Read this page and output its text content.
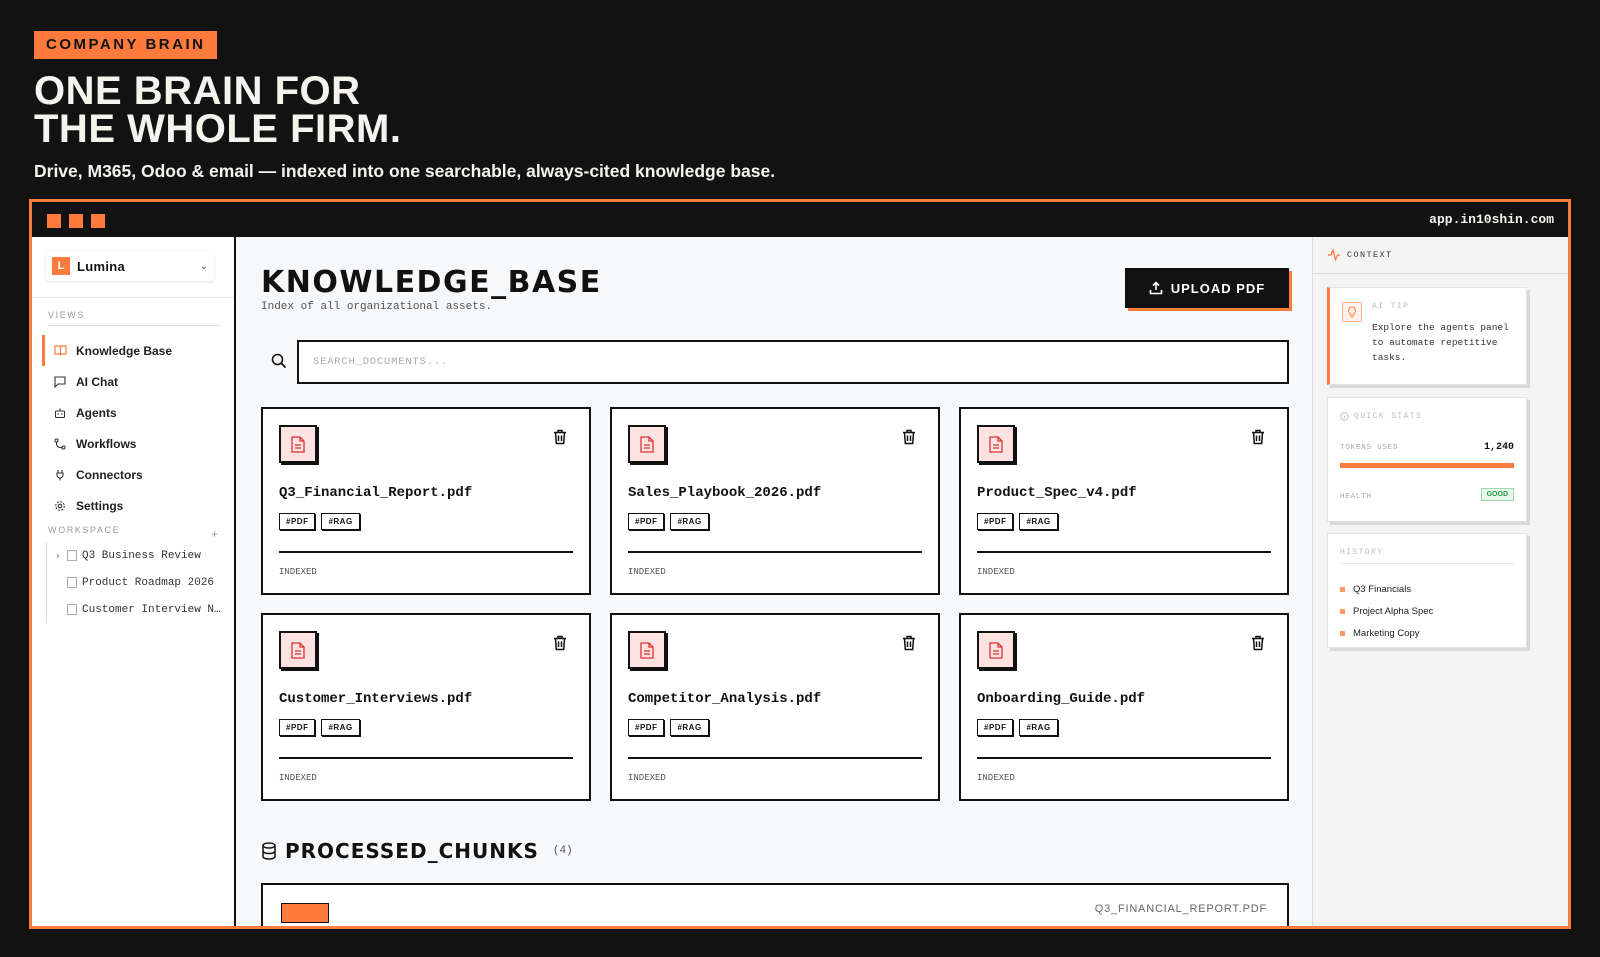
COMPANY BRAIN
ONE BRAIN FOR
THE WHOLE FIRM.
Drive, M365, Odoo & email — indexed into one searchable, always-cited knowledge base.
app.in10shin.com
L Lumina	⌄
VIEWS
Knowledge Base
AI Chat
Agents
Workflows
Connectors
Settings
WORKSPACE	+
›	Q3 Business Review
Product Roadmap 2026
Customer Interview N…
KNOWLEDGE_BASE
Index of all organizational assets.
UPLOAD PDF
SEARCH_DOCUMENTS...
Q3_Financial_Report.pdf
#PDF	#RAG
INDEXED
Sales_Playbook_2026.pdf
#PDF	#RAG
INDEXED
Product_Spec_v4.pdf
#PDF	#RAG
INDEXED
Customer_Interviews.pdf
#PDF	#RAG
INDEXED
Competitor_Analysis.pdf
#PDF	#RAG
INDEXED
Onboarding_Guide.pdf
#PDF	#RAG
INDEXED
PROCESSED_CHUNKS (4)
Q3_FINANCIAL_REPORT.PDF
CONTEXT
AI TIP
Explore the agents panel to automate repetitive tasks.
QUICK STATS
TOKENS USED	1,240
HEALTH	GOOD
HISTORY
Q3 Financials
Project Alpha Spec
Marketing Copy
